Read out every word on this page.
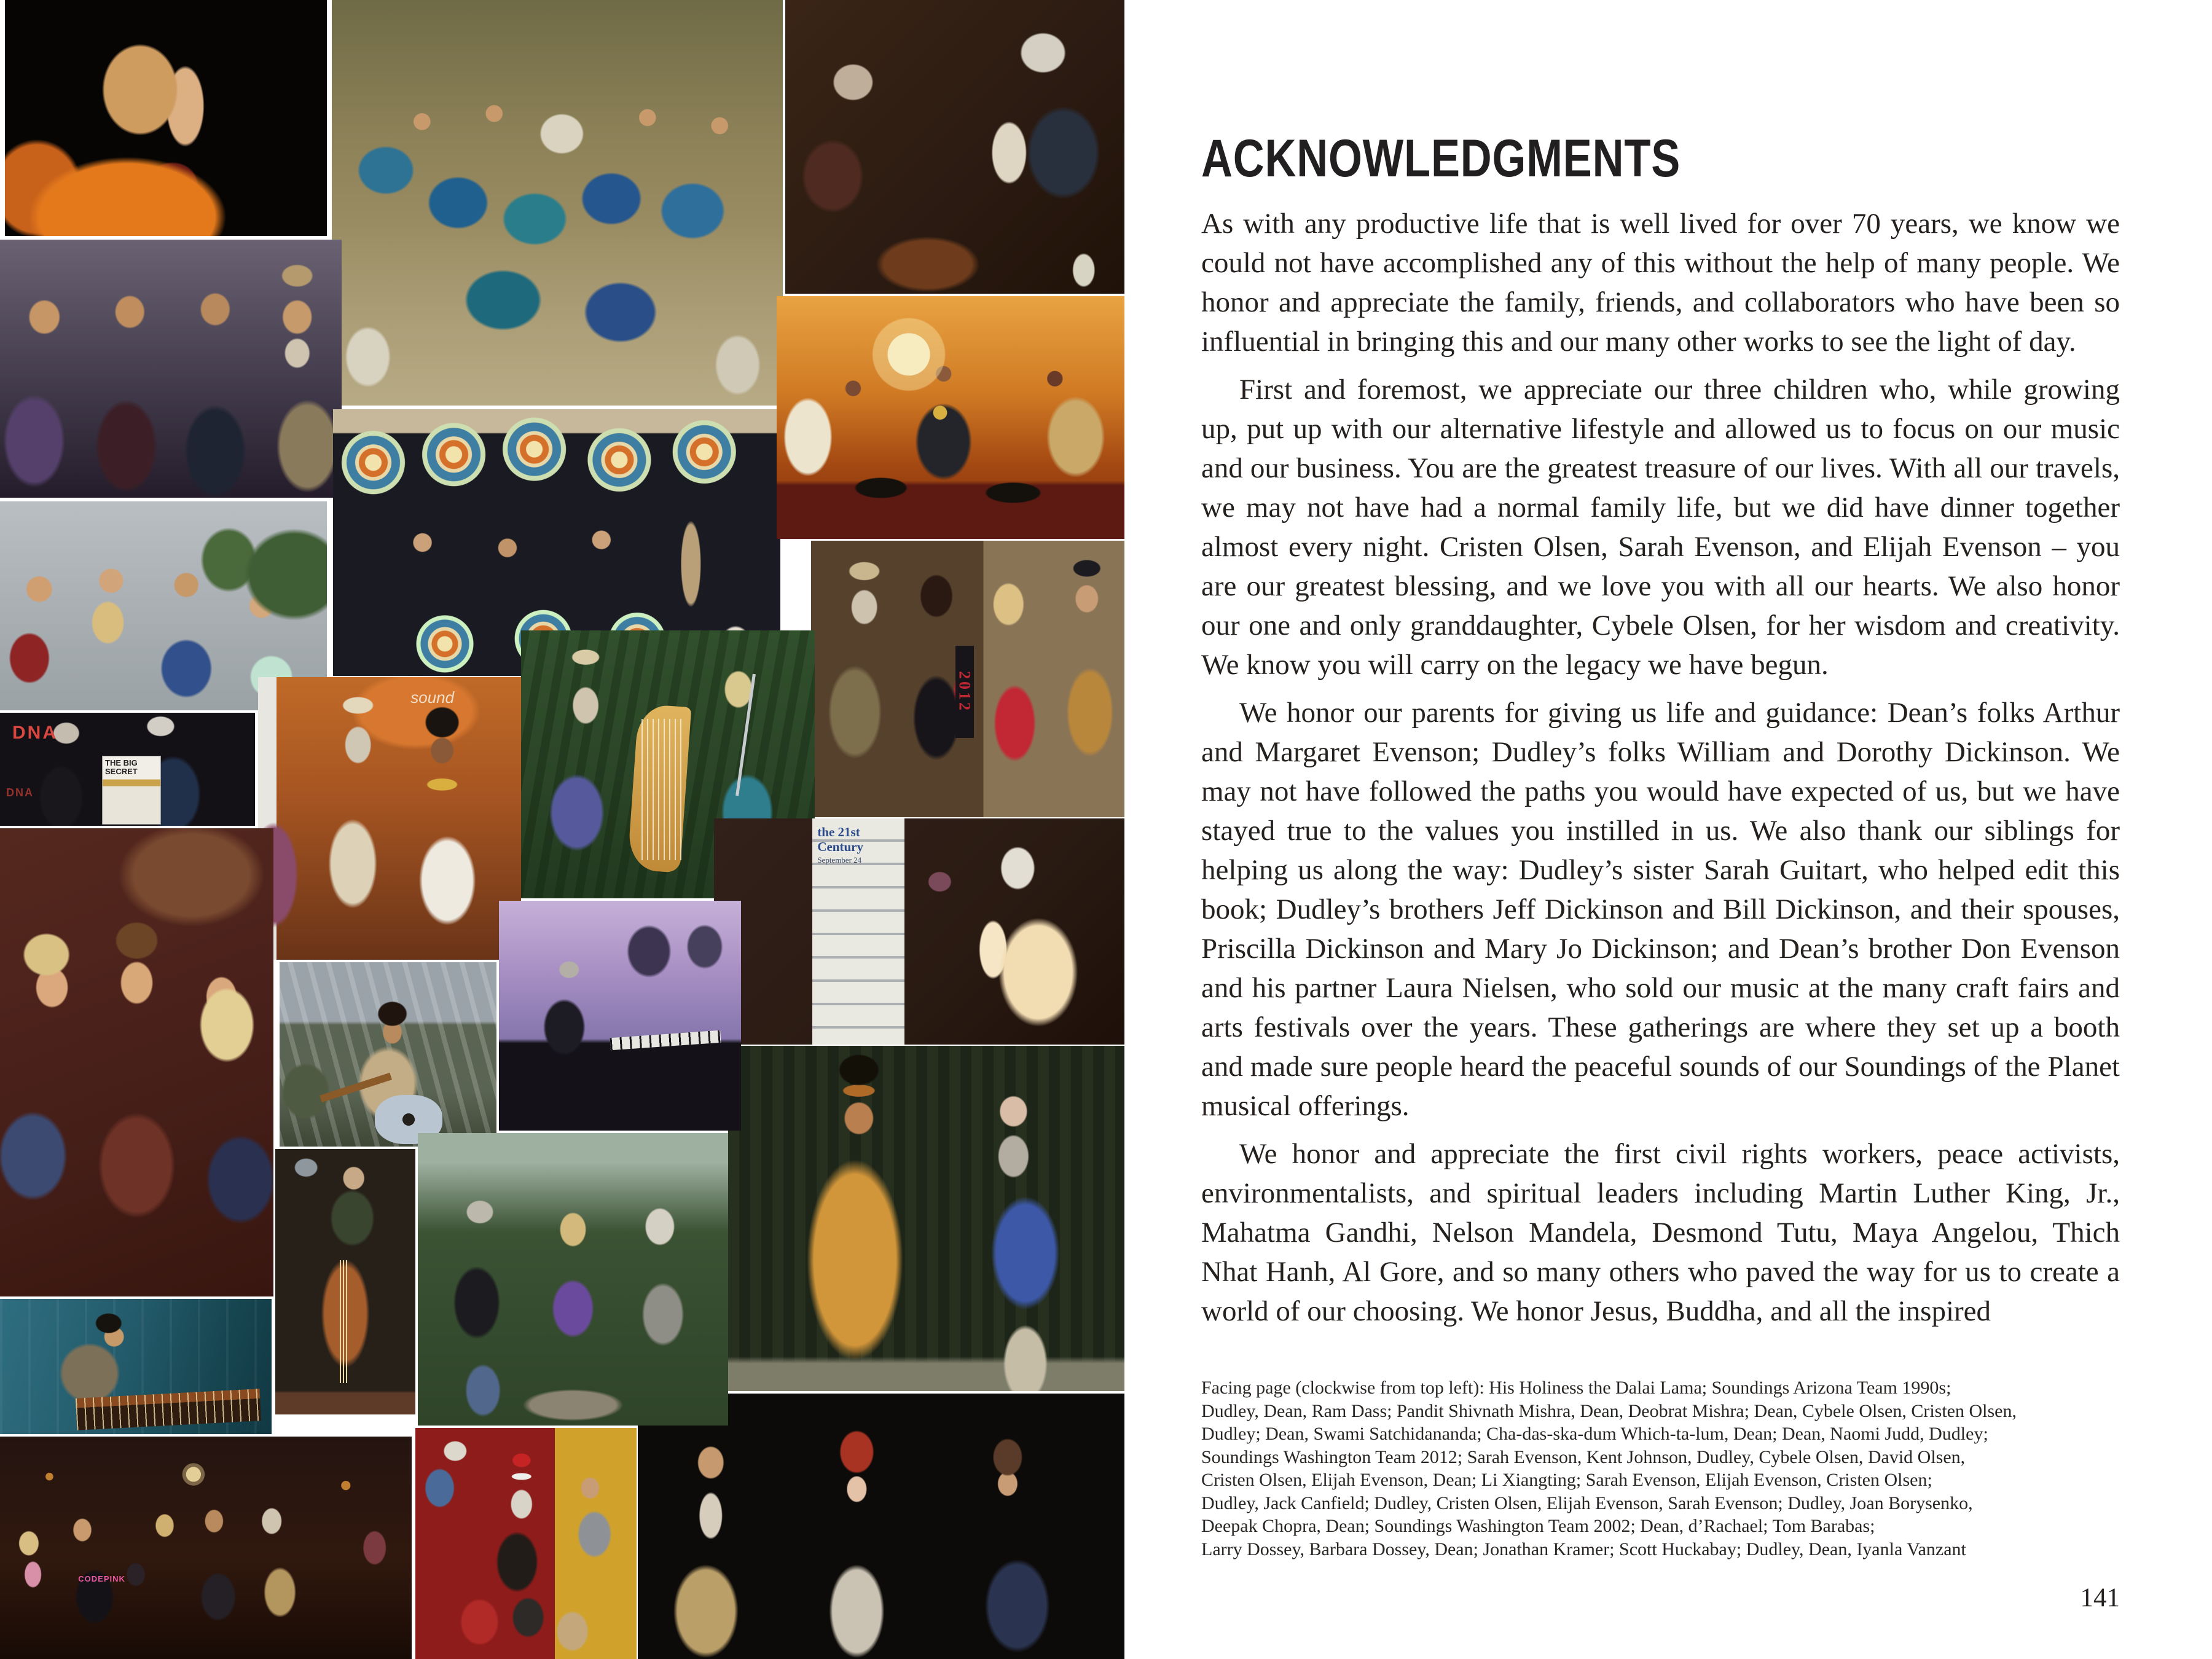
2012
sound
the 21st Century
September 24
CODEPINK
DNA
DNA
THE BIG SECRET
ACKNOWLEDGMENTS

As with any productive life that is well lived for over 70 years, we know we could not have accomplished any of this without the help of many people. We honor and appreciate the family, friends, and collaborators who have been so influential in bringing this and our many other works to see the light of day.

First and foremost, we appreciate our three children who, while growing up, put up with our alternative lifestyle and allowed us to focus on our music and our business. You are the greatest treasure of our lives. With all our travels, we may not have had a normal family life, but we did have dinner together almost every night. Cristen Olsen, Sarah Evenson, and Elijah Evenson – you are our greatest blessing, and we love you with all our hearts. We also honor our one and only granddaughter, Cybele Olsen, for her wisdom and creativity. We know you will carry on the legacy we have begun.

We honor our parents for giving us life and guidance: Dean’s folks Arthur and Margaret Evenson; Dudley’s folks William and Dorothy Dickinson. We may not have followed the paths you would have expected of us, but we have stayed true to the values you instilled in us. We also thank our siblings for helping us along the way: Dudley’s sister Sarah Guitart, who helped edit this book; Dudley’s brothers Jeff Dickinson and Bill Dickinson, and their spouses, Priscilla Dickinson and Mary Jo Dickinson; and Dean’s brother Don Evenson and his partner Laura Nielsen, who sold our music at the many craft fairs and arts festivals over the years. These gatherings are where they set up a booth and made sure people heard the peaceful sounds of our Soundings of the Planet musical offerings.

We honor and appreciate the first civil rights workers, peace activists, environmentalists, and spiritual leaders including Martin Luther King, Jr., Mahatma Gandhi, Nelson Mandela, Desmond Tutu, Maya Angelou, Thich Nhat Hanh, Al Gore, and so many others who paved the way for us to create a world of our choosing. We honor Jesus, Buddha, and all the inspired

Facing page (clockwise from top left): His Holiness the Dalai Lama; Soundings Arizona Team 1990s;
Dudley, Dean, Ram Dass; Pandit Shivnath Mishra, Dean, Deobrat Mishra; Dean, Cybele Olsen, Cristen Olsen,
Dudley; Dean, Swami Satchidananda; Cha-das-ska-dum Which-ta-lum, Dean; Dean, Naomi Judd, Dudley;
Soundings Washington Team 2012; Sarah Evenson, Kent Johnson, Dudley, Cybele Olsen, David Olsen,
Cristen Olsen, Elijah Evenson, Dean; Li Xiangting; Sarah Evenson, Elijah Evenson, Cristen Olsen;
Dudley, Jack Canfield; Dudley, Cristen Olsen, Elijah Evenson, Sarah Evenson; Dudley, Joan Borysenko,
Deepak Chopra, Dean; Soundings Washington Team 2002; Dean, d’Rachael; Tom Barabas;
Larry Dossey, Barbara Dossey, Dean; Jonathan Kramer; Scott Huckabay; Dudley, Dean, Iyanla Vanzant
141
